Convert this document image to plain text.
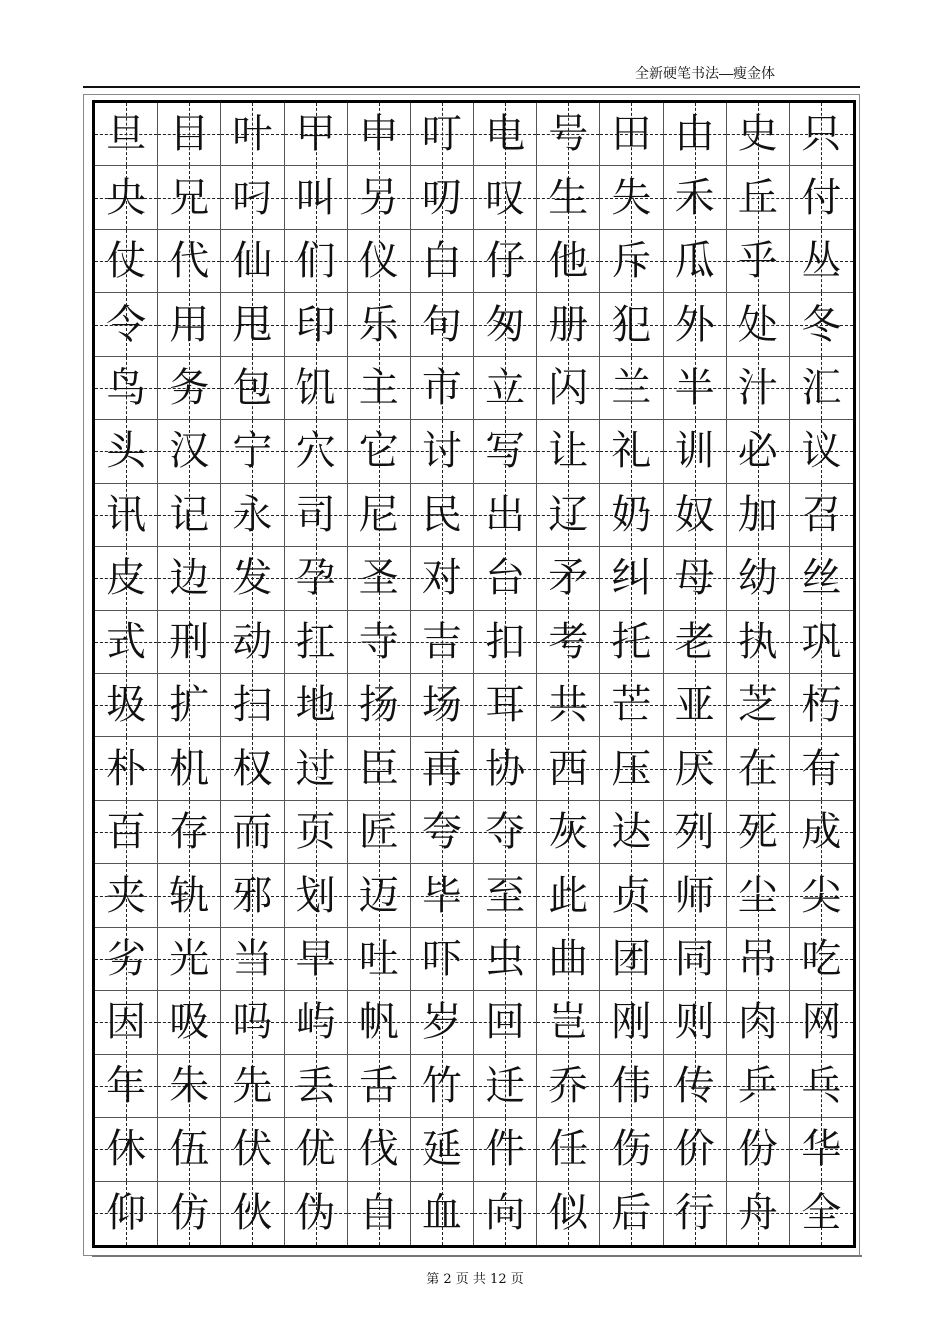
全新硬笔书法—瘦金体
旦 目 叶 甲 申 叮 电 号 田 由 史 只
央 兄 叼 叫 另 叨 叹 生 失 禾 丘 付
仗 代 仙 们 仪 白 仔 他 斥 瓜 乎 丛
令 用 甩 印 乐 句 匆 册 犯 外 处 冬
鸟 务 包 饥 主 市 立 闪 兰 半 汁 汇
头 汉 宁 穴 它 讨 写 让 礼 训 必 议
讯 记 永 司 尼 民 出 辽 奶 奴 加 召
皮 边 发 孕 圣 对 台 矛 纠 母 幼 丝
式 刑 动 扛 寺 吉 扣 考 托 老 执 巩
圾 扩 扫 地 扬 场 耳 共 芒 亚 芝 朽
朴 机 权 过 臣 再 协 西 压 厌 在 有
百 存 而 页 匠 夸 夺 灰 达 列 死 成
夹 轨 邪 划 迈 毕 至 此 贞 师 尘 尖
劣 光 当 早 吐 吓 虫 曲 团 同 吊 吃
因 吸 吗 屿 帆 岁 回 岂 刚 则 肉 网
年 朱 先 丢 舌 竹 迁 乔 伟 传 乒 乓
休 伍 伏 优 伐 延 件 任 伤 价 份 华
仰 仿 伙 伪 自 血 向 似 后 行 舟 全
第 2 页 共 12 页
